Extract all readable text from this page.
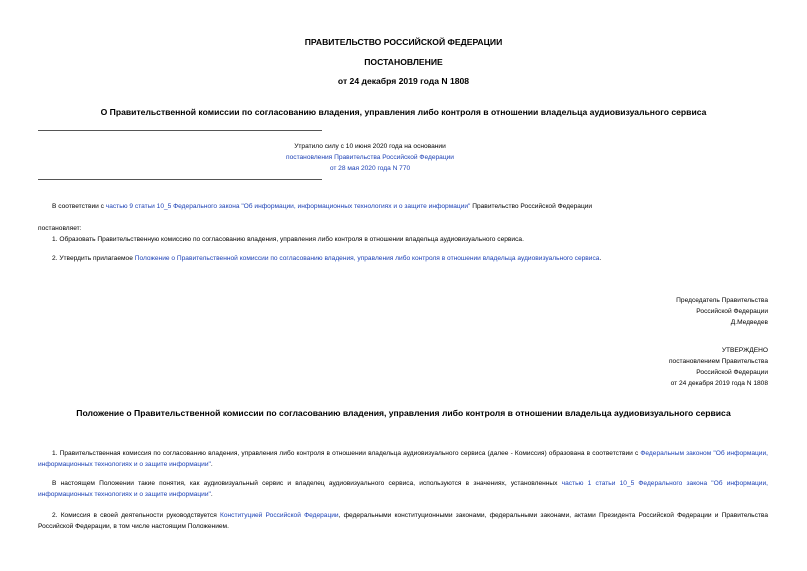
ПРАВИТЕЛЬСТВО РОССИЙСКОЙ ФЕДЕРАЦИИ
ПОСТАНОВЛЕНИЕ
от 24 декабря 2019 года N 1808
О Правительственной комиссии по согласованию владения, управления либо контроля в отношении владельца аудиовизуального сервиса
Утратило силу с 10 июня 2020 года на основании
постановления Правительства Российской Федерации
от 28 мая 2020 года N 770
В соответствии с частью 9 статьи 10_5 Федерального закона "Об информации, информационных технологиях и о защите информации" Правительство Российской Федерации
постановляет:
1. Образовать Правительственную комиссию по согласованию владения, управления либо контроля в отношении владельца аудиовизуального сервиса.
2. Утвердить прилагаемое Положение о Правительственной комиссии по согласованию владения, управления либо контроля в отношении владельца аудиовизуального сервиса.
Председатель Правительства
Российской Федерации
Д.Медведев
УТВЕРЖДЕНО
постановлением Правительства
Российской Федерации
от 24 декабря 2019 года N 1808
Положение о Правительственной комиссии по согласованию владения, управления либо контроля в отношении владельца аудиовизуального сервиса
1. Правительственная комиссия по согласованию владения, управления либо контроля в отношении владельца аудиовизуального сервиса (далее - Комиссия) образована в соответствии с Федеральным законом "Об информации, информационных технологиях и о защите информации".
В настоящем Положении такие понятия, как аудиовизуальный сервис и владелец аудиовизуального сервиса, используются в значениях, установленных частью 1 статьи 10_5 Федерального закона "Об информации, информационных технологиях и о защите информации".
2. Комиссия в своей деятельности руководствуется Конституцией Российской Федерации, федеральными конституционными законами, федеральными законами, актами Президента Российской Федерации и Правительства Российской Федерации, в том числе настоящим Положением.
